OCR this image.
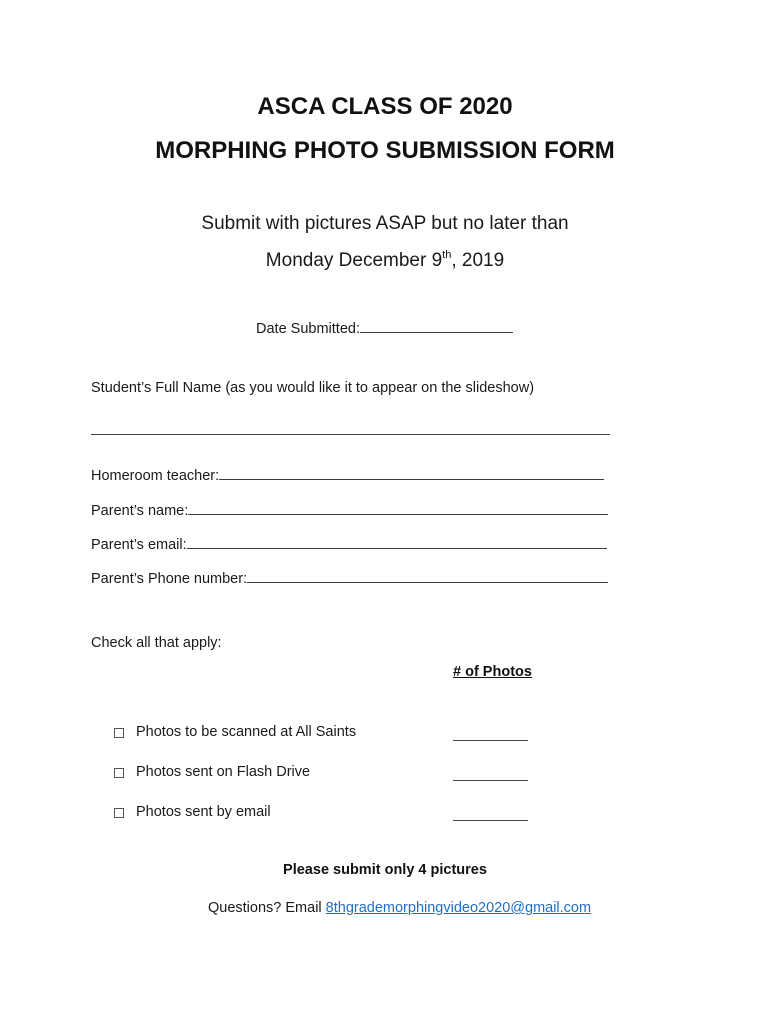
ASCA CLASS OF 2020
MORPHING PHOTO SUBMISSION FORM
Submit with pictures ASAP but no later than
Monday December 9th, 2019
Date Submitted:
Student’s Full Name (as you would like it to appear on the slideshow)
Homeroom teacher:
Parent’s name:
Parent’s email:
Parent’s Phone number:
Check all that apply:
# of Photos
Photos to be scanned at All Saints
Photos sent on Flash Drive
Photos sent by email
Please submit only 4 pictures
Questions? Email 8thgrademorphingvideo2020@gmail.com
